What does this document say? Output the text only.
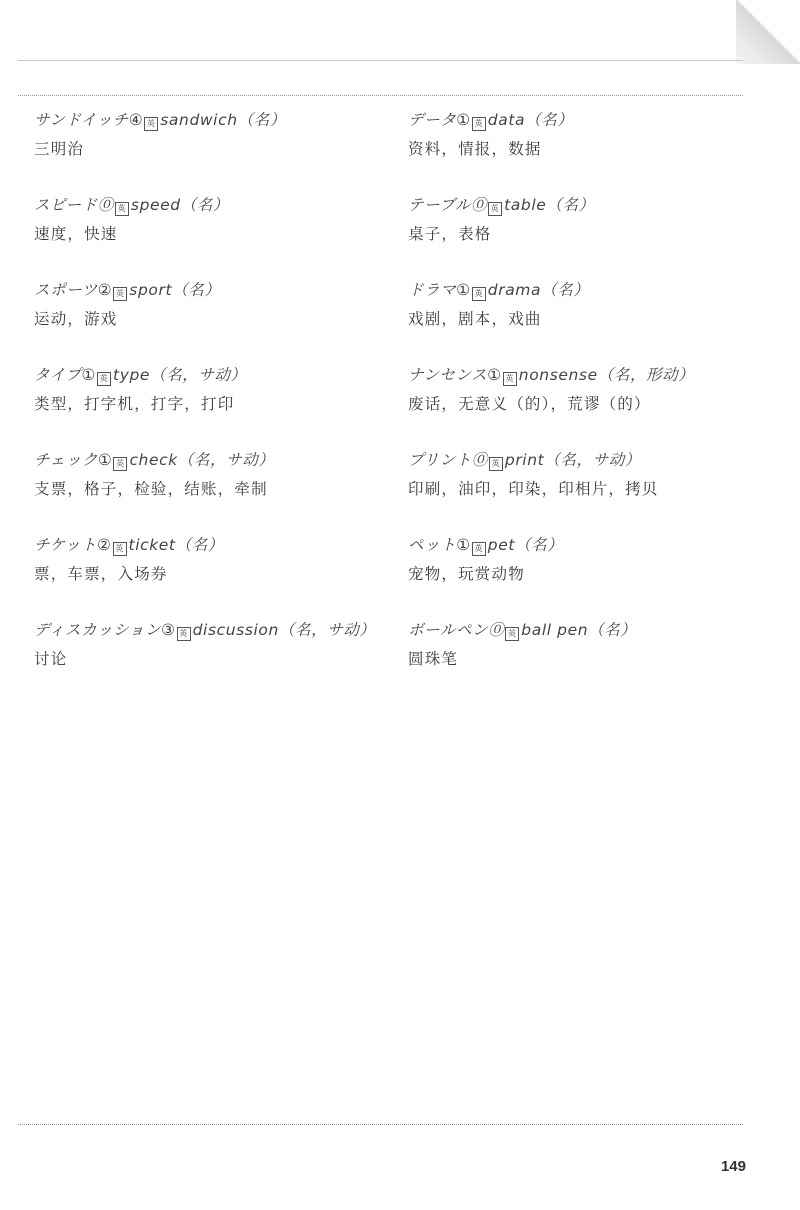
サンドイッチ④ 英 sandwich（名）
三明治
データ① 英 data（名）
资料，情报，数据
スピード⓪ 英 speed（名）
速度，快速
テーブル⓪ 英 table（名）
桌子，表格
スポーツ② 英 sport（名）
运动，游戏
ドラマ① 英 drama（名）
戏剧，剧本，戏曲
タイプ① 英 type（名，サ动）
类型，打字机，打字，打印
ナンセンス① 英 nonsense（名，形动）
废话，无意义（的），荒谬（的）
チェック① 英 check（名，サ动）
支票，格子，检验，结账，牵制
プリント⓪ 英 print（名，サ动）
印刷，油印，印染，印相片，拷贝
チケット② 英 ticket（名）
票，车票，入场券
ペット① 英 pet（名）
宠物，玩赏动物
ディスカッション③ 英 discussion（名，サ动）
讨论
ボールペン⓪ 英 ball pen（名）
圆珠笔
149
